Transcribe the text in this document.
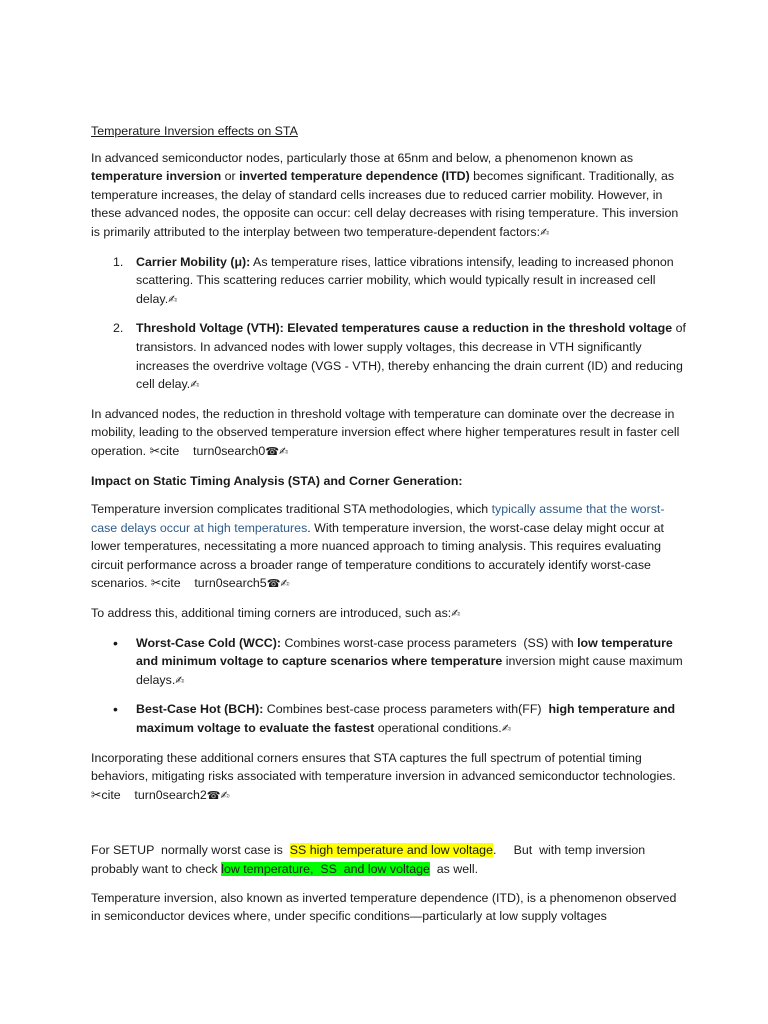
Temperature Inversion effects on STA

In advanced semiconductor nodes, particularly those at 65nm and below, a phenomenon known as temperature inversion or inverted temperature dependence (ITD) becomes significant. Traditionally, as temperature increases, the delay of standard cells increases due to reduced carrier mobility. However, in these advanced nodes, the opposite can occur: cell delay decreases with rising temperature. This inversion is primarily attributed to the interplay between two temperature-dependent factors:✍

1. Carrier Mobility (μ): As temperature rises, lattice vibrations intensify, leading to increased phonon scattering. This scattering reduces carrier mobility, which would typically result in increased cell delay.✍
2. Threshold Voltage (VTH): Elevated temperatures cause a reduction in the threshold voltage of transistors. In advanced nodes with lower supply voltages, this decrease in VTH significantly increases the overdrive voltage (VGS - VTH), thereby enhancing the drain current (ID) and reducing cell delay.✍

In advanced nodes, the reduction in threshold voltage with temperature can dominate over the decrease in mobility, leading to the observed temperature inversion effect where higher temperatures result in faster cell operation. ✂cite    turn0search0☎✍

Impact on Static Timing Analysis (STA) and Corner Generation:

Temperature inversion complicates traditional STA methodologies, which typically assume that the worst-case delays occur at high temperatures. With temperature inversion, the worst-case delay might occur at lower temperatures, necessitating a more nuanced approach to timing analysis. This requires evaluating circuit performance across a broader range of temperature conditions to accurately identify worst-case scenarios. ✂cite    turn0search5☎✍

To address this, additional timing corners are introduced, such as:✍

• Worst-Case Cold (WCC): Combines worst-case process parameters  (SS) with low temperature and minimum voltage to capture scenarios where temperature inversion might cause maximum delays.✍
• Best-Case Hot (BCH): Combines best-case process parameters with(FF)  high temperature and maximum voltage to evaluate the fastest operational conditions.✍

Incorporating these additional corners ensures that STA captures the full spectrum of potential timing behaviors, mitigating risks associated with temperature inversion in advanced semiconductor technologies. ✂cite    turn0search2☎✍

For SETUP  normally worst case is  SS high temperature and low voltage.     But  with temp inversion probably want to check low temperature,  SS  and low voltage  as well.

Temperature inversion, also known as inverted temperature dependence (ITD), is a phenomenon observed in semiconductor devices where, under specific conditions—particularly at low supply voltages
